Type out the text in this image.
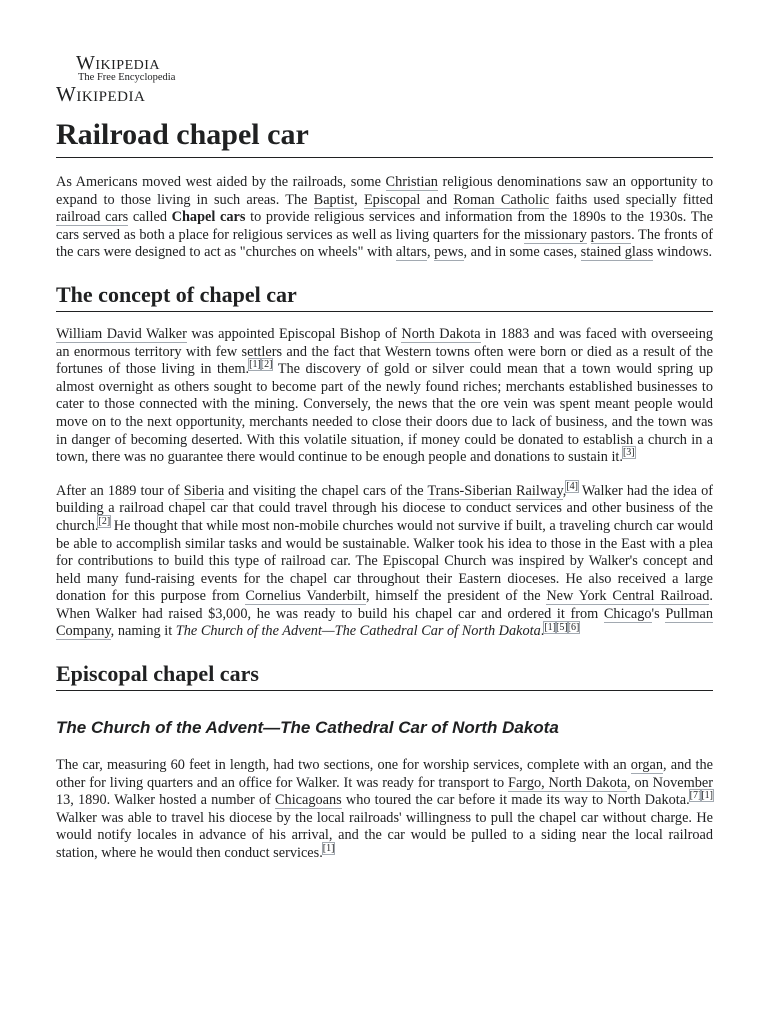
Wikipedia
The Free Encyclopedia
Wikipedia
Railroad chapel car

As Americans moved west aided by the railroads, some Christian religious denominations saw an opportunity to expand to those living in such areas. The Baptist, Episcopal and Roman Catholic faiths used specially fitted railroad cars called Chapel cars to provide religious services and information from the 1890s to the 1930s. The cars served as both a place for religious services as well as living quarters for the missionary pastors. The fronts of the cars were designed to act as "churches on wheels" with altars, pews, and in some cases, stained glass windows.

The concept of chapel car

William David Walker was appointed Episcopal Bishop of North Dakota in 1883 and was faced with overseeing an enormous territory with few settlers and the fact that Western towns often were born or died as a result of the fortunes of those living in them.[1][2] The discovery of gold or silver could mean that a town would spring up almost overnight as others sought to become part of the newly found riches; merchants established businesses to cater to those connected with the mining. Conversely, the news that the ore vein was spent meant people would move on to the next opportunity, merchants needed to close their doors due to lack of business, and the town was in danger of becoming deserted. With this volatile situation, if money could be donated to establish a church in a town, there was no guarantee there would continue to be enough people and donations to sustain it.[3]

After an 1889 tour of Siberia and visiting the chapel cars of the Trans-Siberian Railway,[4] Walker had the idea of building a railroad chapel car that could travel through his diocese to conduct services and other business of the church.[2] He thought that while most non-mobile churches would not survive if built, a traveling church car would be able to accomplish similar tasks and would be sustainable. Walker took his idea to those in the East with a plea for contributions to build this type of railroad car. The Episcopal Church was inspired by Walker's concept and held many fund-raising events for the chapel car throughout their Eastern dioceses. He also received a large donation for this purpose from Cornelius Vanderbilt, himself the president of the New York Central Railroad. When Walker had raised $3,000, he was ready to build his chapel car and ordered it from Chicago's Pullman Company, naming it The Church of the Advent—The Cathedral Car of North Dakota.[1][5][6]

Episcopal chapel cars
The Church of the Advent—The Cathedral Car of North Dakota

The car, measuring 60 feet in length, had two sections, one for worship services, complete with an organ, and the other for living quarters and an office for Walker. It was ready for transport to Fargo, North Dakota, on November 13, 1890. Walker hosted a number of Chicagoans who toured the car before it made its way to North Dakota.[7][1] Walker was able to travel his diocese by the local railroads' willingness to pull the chapel car without charge. He would notify locales in advance of his arrival, and the car would be pulled to a siding near the local railroad station, where he would then conduct services.[1]
